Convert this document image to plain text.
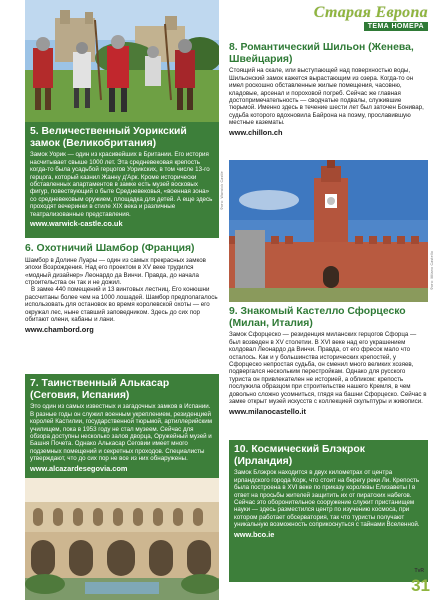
5. Величественный Уорикский замок (Великобритания)

Замок Уорик — один из красивейших в Британии. Его история насчитывает свыше 1000 лет. Эта средневековая крепость когда-то была усадьбой герцогов Уорикских, в том числе 13-го герцога, который казнил Жанну д'Арк. Кроме исторически обставленных апартаментов в замке есть музей восковых фигур, повествующий о быте Средневековья, «военная зона» со средневековым оружием, площадка для детей. А еще здесь проходят вечеринки в стиле XIX века и различные театрализованные представления.

www.warwick-castle.co.uk
6. Охотничий Шамбор (Франция)

Шамбор в Долине Луары — один из самых прекрасных замков эпохи Возрождения. Над его проектом в XV веке трудился «модный дизайнер» Леонардо да Винчи. Правда, до начала строительства он так и не дожил.

В замке 440 помещений и 13 винтовых лестниц. Его конюшни рассчитаны более чем на 1000 лошадей. Шамбор предполагалось использовать для остановок во время королевской охоты — его окружал лес, ныне ставший заповедником. Здесь до сих пор обитают олени, кабаны и лани.

www.chambord.org
7. Таинственный Алькасар (Сеговия, Испания)

Это один из самых известных и загадочных замков в Испании. В разные годы он служил военным укреплением, резиденцией королей Кастилии, государственной тюрьмой, артиллерийским училищем, пока в 1953 году не стал музеем. Сейчас для обзора доступны несколько залов дворца, Оружейный музей и Башня Почета. Однако Алькасар Сеговии имеет много подземных помещений и секретных проходов. Специалисты утверждают, что до сих пор не все из них обнаружены.

www.alcazardesegovia.com
Фото: Warwick Castle
Старая Европа
ТЕМА НОМЕРА
8. Романтический Шильон (Женева, Швейцария)

Стоящий на скале, или выступающей над поверхностью воды, Шильонский замок кажется вырастающим из озера. Когда-то он имел роскошно обставленные жилые помещения, часовню, кладовые, арсенал и пороховой погреб. Сейчас же главная достопримечательность — сводчатые подвалы, служившие тюрьмой. Именно здесь в течение шести лет был заточен Бонивар, судьба которого вдохновила Байрона на поэму, прославившую местные казематы.

www.chillon.ch
Фото: Milano Castello
9. Знакомый Кастелло Сфорцеско (Милан, Италия)

Замок Сфорцеско — резиденция миланских герцогов Сфорца — был возведен в XV столетии. В XVI веке над его украшением колдовал Леонардо да Винчи. Правда, от его фресок мало что осталось. Как и у большинства исторических крепостей, у Сфорцеско непростая судьба, он сменил много великих хозяев, подвергался нескольким перестройкам. Однако для русского туриста он привлекателен не историей, а обликом: крепость послужила образцом при строительстве нашего Кремля, в чем довольно сложно усомниться, глядя на башни Сфорцеско. Сейчас в замке открыт музей искусств с коллекцией скульптуры и живописи.

www.milanocastello.it
10. Космический Блэкрок (Ирландия)

Замок Блэкрок находится в двух километрах от центра ирландского города Корк, что стоит на берегу реки Ли. Крепость была построена в XVI веке по приказу королевы Елизаветы I в ответ на просьбы жителей защитить их от пиратских набегов. Сейчас это оборонительное сооружение служит пристанищем науки — здесь разместился центр по изучению космоса, при котором работает обсерватория, так что туристы получают уникальную возможность соприкоснуться с тайнами Вселенной.

www.bco.ie
TvR
31
